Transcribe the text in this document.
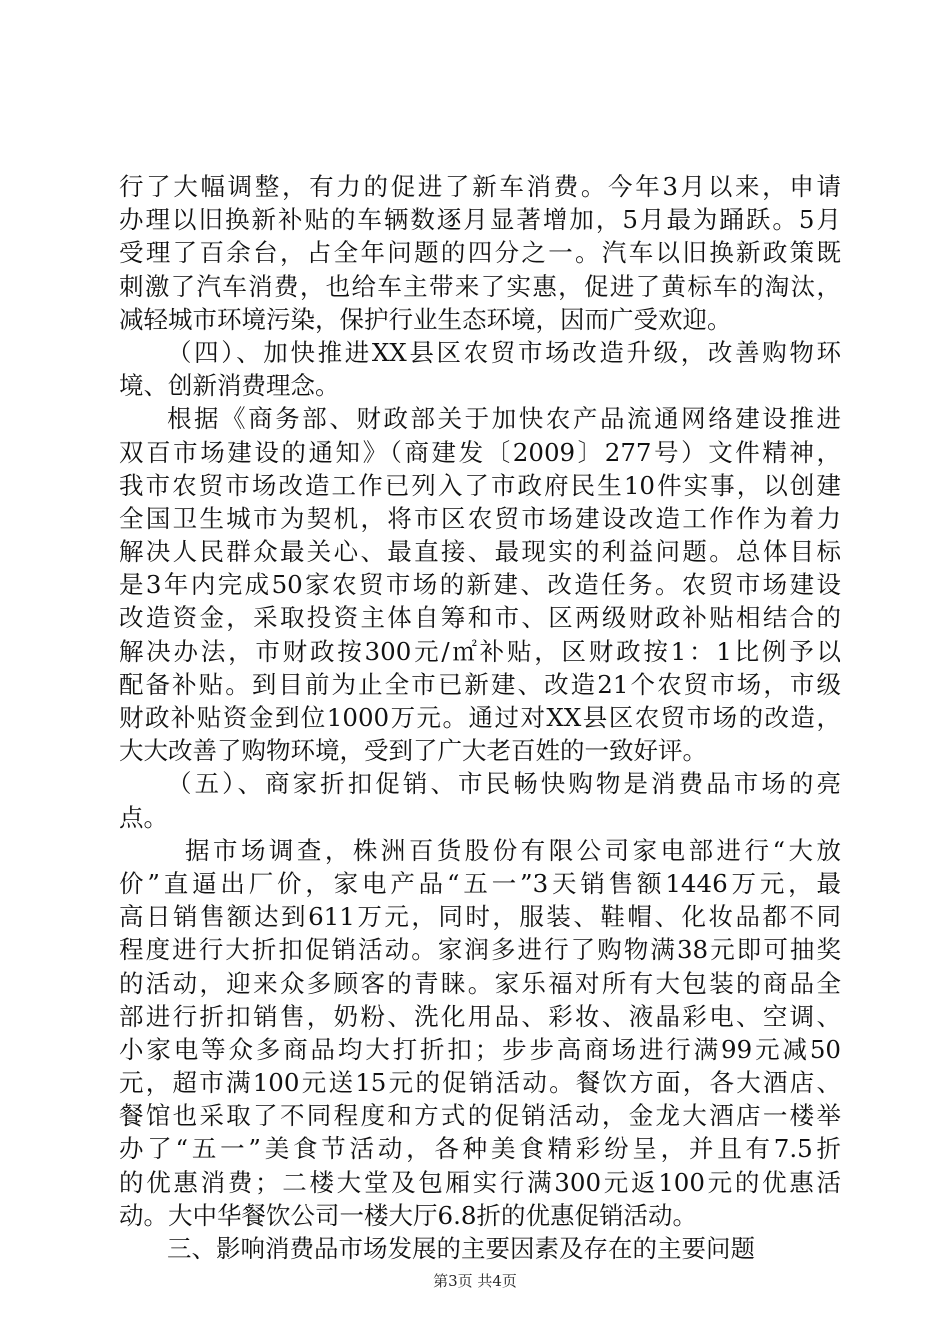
行了大幅调整，有力的促进了新车消费。今年3月以来，申请
办理以旧换新补贴的车辆数逐月显著增加，5月最为踊跃。5月
受理了百余台，占全年问题的四分之一。汽车以旧换新政策既
刺激了汽车消费，也给车主带来了实惠，促进了黄标车的淘汰，
减轻城市环境污染，保护行业生态环境，因而广受欢迎。
（四）、加快推进XX县区农贸市场改造升级，改善购物环
境、创新消费理念。
根据《商务部、财政部关于加快农产品流通网络建设推进
双百市场建设的通知》（商建发〔2009〕277号）文件精神，
我市农贸市场改造工作已列入了市政府民生10件实事，以创建
全国卫生城市为契机，将市区农贸市场建设改造工作作为着力
解决人民群众最关心、最直接、最现实的利益问题。总体目标
是3年内完成50家农贸市场的新建、改造任务。农贸市场建设
改造资金，采取投资主体自筹和市、区两级财政补贴相结合的
解决办法，市财政按300元/㎡补贴，区财政按1：1比例予以
配备补贴。到目前为止全市已新建、改造21个农贸市场，市级
财政补贴资金到位1000万元。通过对XX县区农贸市场的改造，
大大改善了购物环境，受到了广大老百姓的一致好评。
（五）、商家折扣促销、市民畅快购物是消费品市场的亮
点。
据市场调查，株洲百货股份有限公司家电部进行“大放
价”直逼出厂价，家电产品“五一”3天销售额1446万元，最
高日销售额达到611万元，同时，服装、鞋帽、化妆品都不同
程度进行大折扣促销活动。家润多进行了购物满38元即可抽奖
的活动，迎来众多顾客的青睐。家乐福对所有大包装的商品全
部进行折扣销售，奶粉、洗化用品、彩妆、液晶彩电、空调、
小家电等众多商品均大打折扣；步步高商场进行满99元减50
元，超市满100元送15元的促销活动。餐饮方面，各大酒店、
餐馆也采取了不同程度和方式的促销活动，金龙大酒店一楼举
办了“五一”美食节活动，各种美食精彩纷呈，并且有7.5折
的优惠消费；二楼大堂及包厢实行满300元返100元的优惠活
动。大中华餐饮公司一楼大厅6.8折的优惠促销活动。
三、影响消费品市场发展的主要因素及存在的主要问题
第3页 共4页
